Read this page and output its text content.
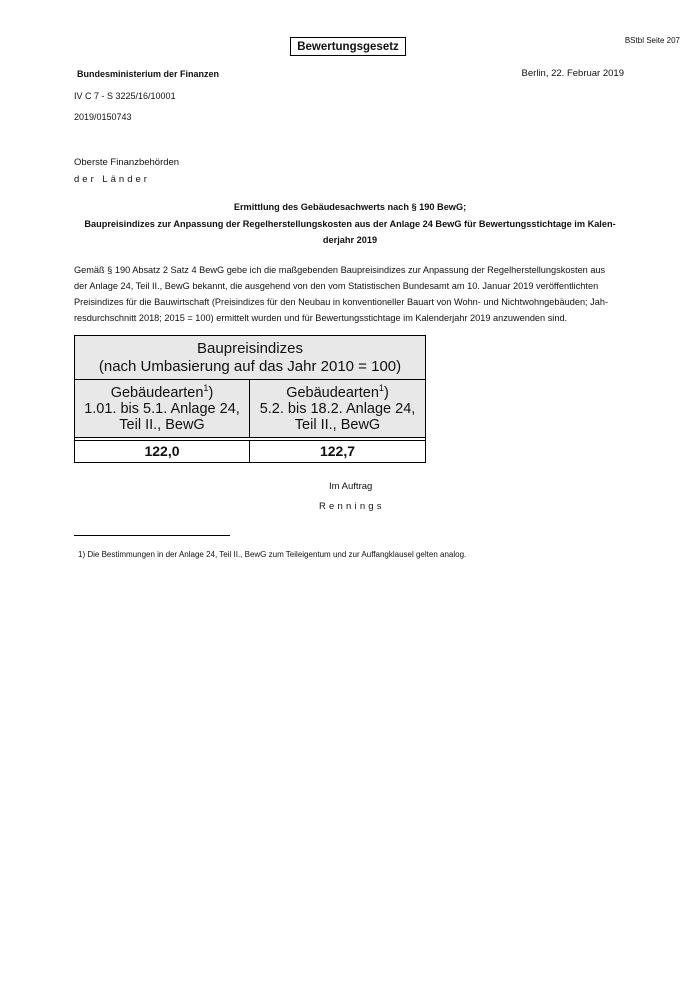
Bewertungsgesetz
BStbl Seite 207
Bundesministerium der Finanzen	Berlin, 22. Februar 2019
IV C 7 - S 3225/16/10001
2019/0150743
Oberste Finanzbehörden
der Länder
Ermittlung des Gebäudesachwerts nach § 190 BewG;
Baupreisindizes zur Anpassung der Regelherstellungskosten aus der Anlage 24 BewG für Bewertungsstichtage im Kalen-
derjahr 2019
Gemäß § 190 Absatz 2 Satz 4 BewG gebe ich die maßgebenden Baupreisindizes zur Anpassung der Regelherstellungskosten aus
der Anlage 24, Teil II., BewG bekannt, die ausgehend von den vom Statistischen Bundesamt am 10. Januar 2019 veröffentlichten
Preisindizes für die Bauwirtschaft (Preisindizes für den Neubau in konventioneller Bauart von Wohn- und Nichtwohngebäuden; Jah-
resdurchschnitt 2018; 2015 = 100) ermittelt wurden und für Bewertungsstichtage im Kalenderjahr 2019 anzuwenden sind.
Baupreisindizes
(nach Umbasierung auf das Jahr 2010 = 100)
Gebäudearten$^1$)
1.01. bis 5.1. Anlage 24,
Teil II., BewG
Gebäudearten$^1$)
5.2. bis 18.2. Anlage 24,
Teil II., BewG
122,0	122,7
Im Auftrag
Rennings
1) Die Bestimmungen in der Anlage 24, Teil II., BewG zum Teileigentum und zur Auffangklausel gelten analog.
